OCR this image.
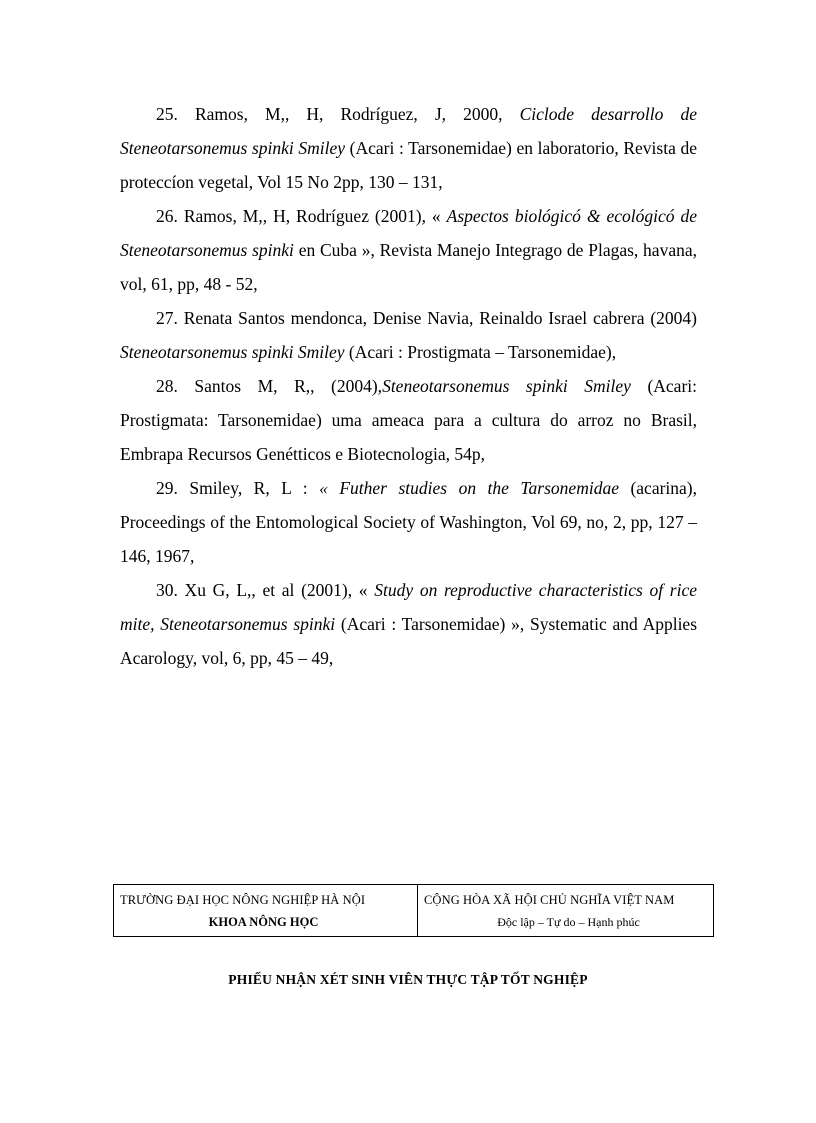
25. Ramos, M,, H, Rodríguez, J, 2000, Ciclode desarrollo de Steneotarsonemus spinki Smiley (Acari : Tarsonemidae) en laboratorio, Revista de proteccíon vegetal, Vol 15 No 2pp, 130 – 131,

26. Ramos, M,, H, Rodríguez (2001), « Aspectos biológicó & ecológicó de Steneotarsonemus spinki en Cuba », Revista Manejo Integrago de Plagas, havana, vol, 61, pp, 48 - 52,

27. Renata Santos mendonca, Denise Navia, Reinaldo Israel cabrera (2004) Steneotarsonemus spinki Smiley (Acari : Prostigmata – Tarsonemidae),

28. Santos M, R,, (2004),Steneotarsonemus spinki Smiley (Acari: Prostigmata: Tarsonemidae) uma ameaca para a cultura do arroz no Brasil, Embrapa Recursos Genétticos e Biotecnologia, 54p,

29. Smiley, R, L : « Futher studies on the Tarsonemidae (acarina), Proceedings of the Entomological Society of Washington, Vol 69, no, 2, pp, 127 – 146, 1967,

30. Xu G, L,, et al (2001), « Study on reproductive characteristics of rice mite, Steneotarsonemus spinki (Acari : Tarsonemidae) », Systematic and Applies Acarology, vol, 6, pp, 45 – 49,

TRƯỜNG ĐẠI HỌC NÔNG NGHIỆP HÀ NỘI
KHOA NÔNG HỌC
CỘNG HÒA XÃ HỘI CHỦ NGHĨA VIỆT NAM
Độc lập – Tự do – Hạnh phúc
PHIẾU NHẬN XÉT SINH VIÊN THỰC TẬP TỐT NGHIỆP
